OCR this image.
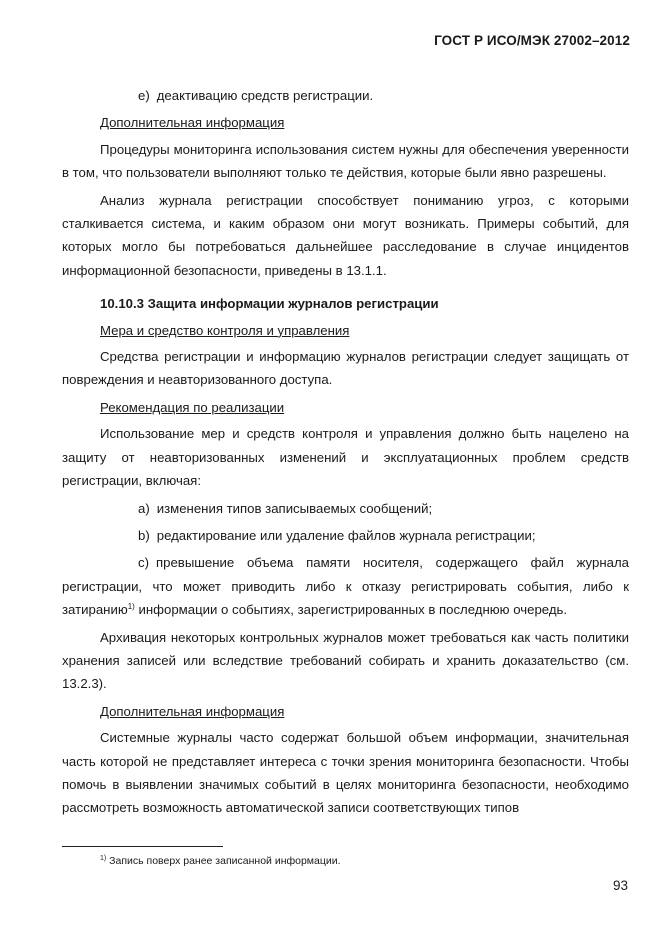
ГОСТ Р ИСО/МЭК 27002–2012

e) деактивацию средств регистрации.

Дополнительная информация

Процедуры мониторинга использования систем нужны для обеспечения уверенности в том, что пользователи выполняют только те действия, которые были явно разрешены.

Анализ журнала регистрации способствует пониманию угроз, с которыми сталкивается система, и каким образом они могут возникать. Примеры событий, для которых могло бы потребоваться дальнейшее расследование в случае инцидентов информационной безопасности, приведены в 13.1.1.

10.10.3 Защита информации журналов регистрации
Мера и средство контроля и управления

Средства регистрации и информацию журналов регистрации следует защищать от повреждения и неавторизованного доступа.

Рекомендация по реализации

Использование мер и средств контроля и управления должно быть нацелено на защиту от неавторизованных изменений и эксплуатационных проблем средств регистрации, включая:

a) изменения типов записываемых сообщений;

b) редактирование или удаление файлов журнала регистрации;

c) превышение объема памяти носителя, содержащего файл журнала регистрации, что может приводить либо к отказу регистрировать события, либо к затиранию$^{1)}$ информации о событиях, зарегистрированных в последнюю очередь.

Архивация некоторых контрольных журналов может требоваться как часть политики хранения записей или вследствие требований собирать и хранить доказательство (см. 13.2.3).

Дополнительная информация

Системные журналы часто содержат большой объем информации, значительная часть которой не представляет интереса с точки зрения мониторинга безопасности. Чтобы помочь в выявлении значимых событий в целях мониторинга безопасности, необходимо рассмотреть возможность автоматической записи соответствующих типов

$^{1)}$ Запись поверх ранее записанной информации.
93
